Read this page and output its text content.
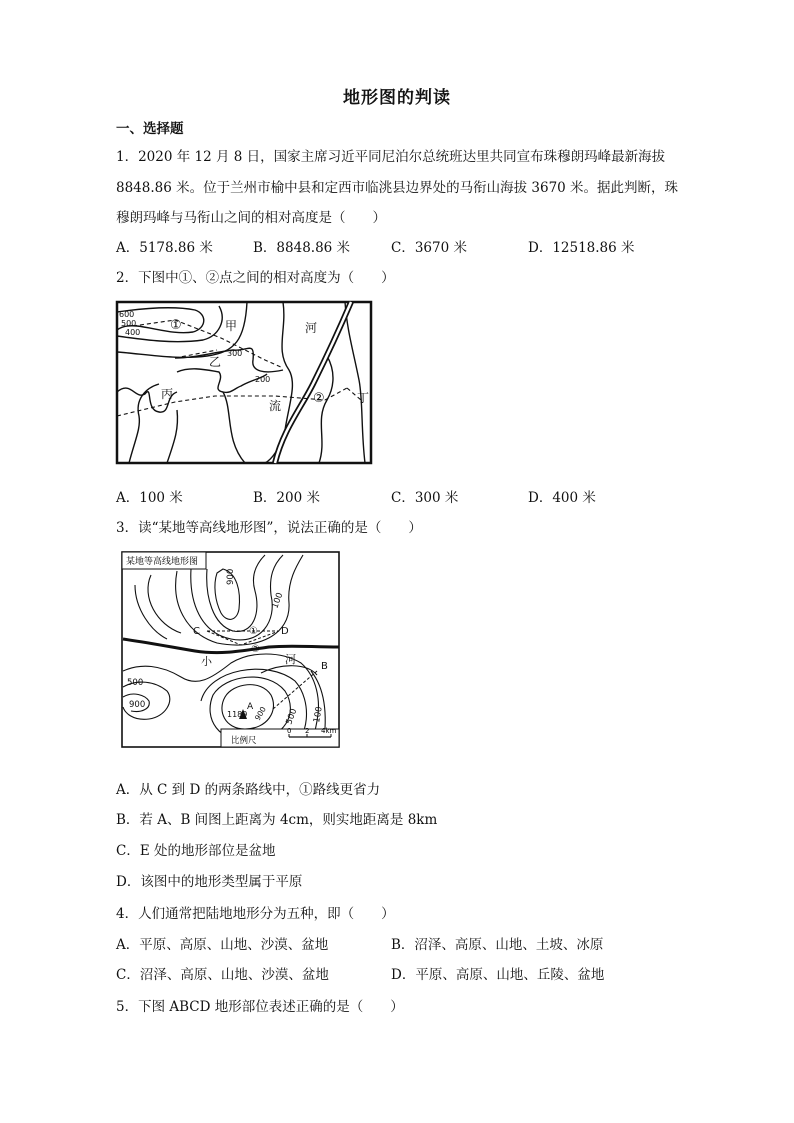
地形图的判读
一、选择题
1．2020 年 12 月 8 日，国家主席习近平同尼泊尔总统班达里共同宣布珠穆朗玛峰最新海拔
8848.86 米。位于兰州市榆中县和定西市临洮县边界处的马衔山海拔 3670 米。据此判断，珠
穆朗玛峰与马衔山之间的相对高度是（　　）
A．5178.86 米	B．8848.86 米	C．3670 米	D．12518.86 米
2．下图中①、②点之间的相对高度为（　　）
600
500
400 ①	甲	河
300
乙
200
丙
流 ②	丁
A．100 米	B．200 米	C．300 米	D．400 米
3．读“某地等高线地形图”，说法正确的是（　　）
某地等高线地形图
比例尺
0 2 4km
900
100
C	① D
②
小	河
B
500
900	A
1189 900 500 100
A．从 C 到 D 的两条路线中，①路线更省力
B．若 A、B 间图上距离为 4cm，则实地距离是 8km
C．E 处的地形部位是盆地
D．该图中的地形类型属于平原
4．人们通常把陆地地形分为五种，即（　　）
A．平原、高原、山地、沙漠、盆地	B．沼泽、高原、山地、土坡、冰原
C．沼泽、高原、山地、沙漠、盆地	D．平原、高原、山地、丘陵、盆地
5．下图 ABCD 地形部位表述正确的是（　　）
